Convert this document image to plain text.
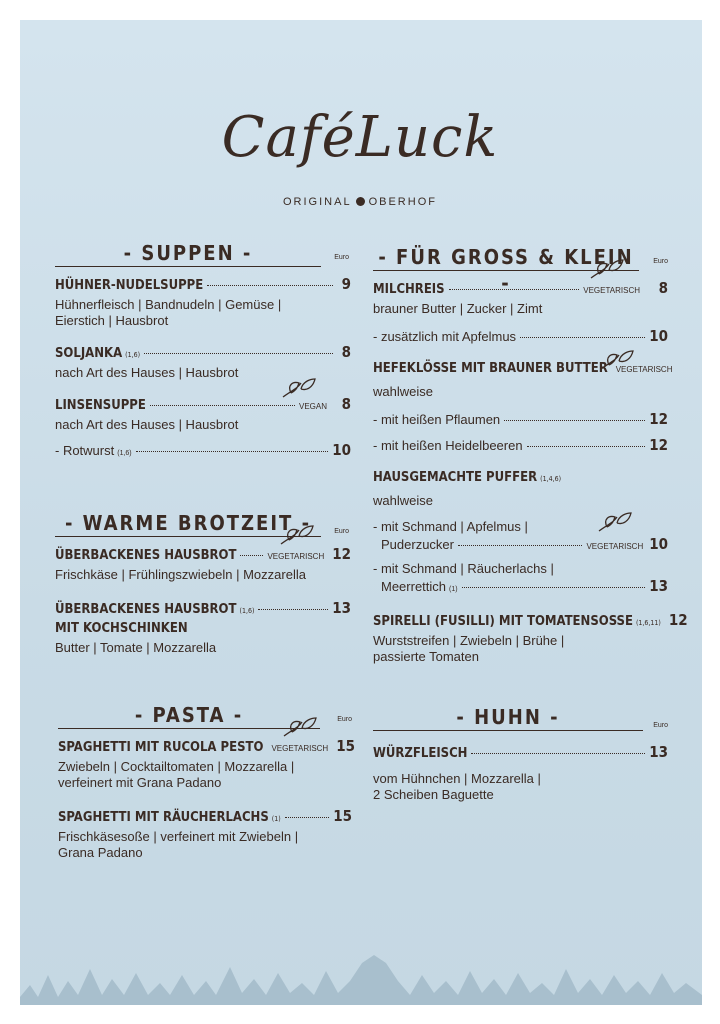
CaféLuck
ORIGINAL OBERHOF
- SUPPEN -	Euro
HÜHNER-NUDELSUPPE	9
Hühnerfleisch | Bandnudeln | Gemüse |
Eierstich | Hausbrot
SOLJANKA (1,6)	8
nach Art des Hauses | Hausbrot
LINSENSUPPE	VEGAN 8
nach Art des Hauses | Hausbrot
- Rotwurst (1,6)	10
- WARME BROTZEIT -	Euro
ÜBERBACKENES HAUSBROT	VEGETARISCH 12
Frischkäse | Frühlingszwiebeln | Mozzarella
ÜBERBACKENES HAUSBROT (1,6)	13
MIT KOCHSCHINKEN
Butter | Tomate | Mozzarella
- PASTA -	Euro
SPAGHETTI MIT RUCOLA PESTO VEGETARISCH 15
Zwiebeln | Cocktailtomaten | Mozzarella |
verfeinert mit Grana Padano
SPAGHETTI MIT RÄUCHERLACHS (1)	15
Frischkäsesoße | verfeinert mit Zwiebeln |
Grana Padano
- FÜR GROSS & KLEIN -
Euro
MILCHREIS	VEGETARISCH	8
brauner Butter | Zucker | Zimt
- zusätzlich mit Apfelmus	10
HEFEKLÖSSE MIT BRAUNER BUTTER VEGETARISCH
wahlweise
- mit heißen Pflaumen	12
- mit heißen Heidelbeeren	12
HAUSGEMACHTE PUFFER (1,4,6)
wahlweise
- mit Schmand | Apfelmus |
Puderzucker	VEGETARISCH 10
- mit Schmand | Räucherlachs |
Meerrettich (1)	13
SPIRELLI (FUSILLI) MIT TOMATENSOSSE (1,6,11) 12
Wurststreifen | Zwiebeln | Brühe |
passierte Tomaten
- HUHN -	Euro
WÜRZFLEISCH	13
vom Hühnchen | Mozzarella |
2 Scheiben Baguette
